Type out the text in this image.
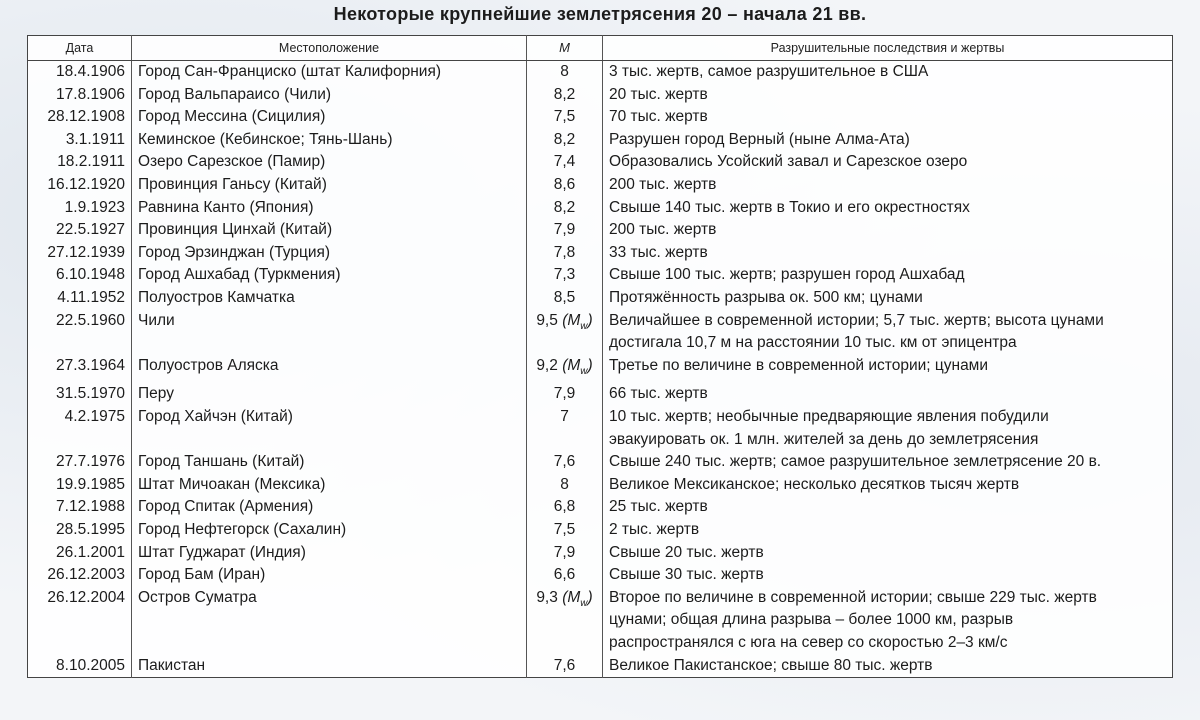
Некоторые крупнейшие землетрясения 20 – начала 21 вв.
Дата	Местоположение	M	Разрушительные последствия и жертвы
18.4.1906	Город Сан-Франциско (штат Калифорния)	8	3 тыс. жертв, самое разрушительное в США

17.8.1906	Город Вальпараисо (Чили)	8,2	20 тыс. жертв

28.12.1908	Город Мессина (Сицилия)	7,5	70 тыс. жертв

3.1.1911	Кеминское (Кебинское; Тянь-Шань)	8,2	Разрушен город Верный (ныне Алма-Ата)

18.2.1911	Озеро Сарезское (Памир)	7,4	Образовались Усойский завал и Сарезское озеро

16.12.1920	Провинция Ганьсу (Китай)	8,6	200 тыс. жертв

1.9.1923	Равнина Канто (Япония)	8,2	Свыше 140 тыс. жертв в Токио и его окрестностях

22.5.1927	Провинция Цинхай (Китай)	7,9	200 тыс. жертв

27.12.1939	Город Эрзинджан (Турция)	7,8	33 тыс. жертв

6.10.1948	Город Ашхабад (Туркмения)	7,3	Свыше 100 тыс. жертв; разрушен город Ашхабад

4.11.1952	Полуостров Камчатка	8,5	Протяжённость разрыва ок. 500 км; цунами

22.5.1960	Чили	9,5 $(M_w)$	Величайшее в современной истории; 5,7 тыс. жертв; высота цунами
достигала 10,7 м на расстоянии 10 тыс. км от эпицентра

27.3.1964	Полуостров Аляска	9,2 $(M_w)$	Третье по величине в современной истории; цунами

31.5.1970	Перу	7,9	66 тыс. жертв

4.2.1975	Город Хайчэн (Китай)	7	10 тыс. жертв; необычные предваряющие явления побудили
эвакуировать ок. 1 млн. жителей за день до землетрясения

27.7.1976	Город Таншань (Китай)	7,6	Свыше 240 тыс. жертв; самое разрушительное землетрясение 20 в.

19.9.1985	Штат Мичоакан (Мексика)	8	Великое Мексиканское; несколько десятков тысяч жертв

7.12.1988	Город Спитак (Армения)	6,8	25 тыс. жертв

28.5.1995	Город Нефтегорск (Сахалин)	7,5	2 тыс. жертв

26.1.2001	Штат Гуджарат (Индия)	7,9	Свыше 20 тыс. жертв

26.12.2003	Город Бам (Иран)	6,6	Свыше 30 тыс. жертв

26.12.2004	Остров Суматра	9,3 $(M_w)$	Второе по величине в современной истории; свыше 229 тыс. жертв
цунами; общая длина разрыва – более 1000 км, разрыв
распространялся с юга на север со скоростью 2–3 км/с

8.10.2005	Пакистан	7,6	Великое Пакистанское; свыше 80 тыс. жертв
